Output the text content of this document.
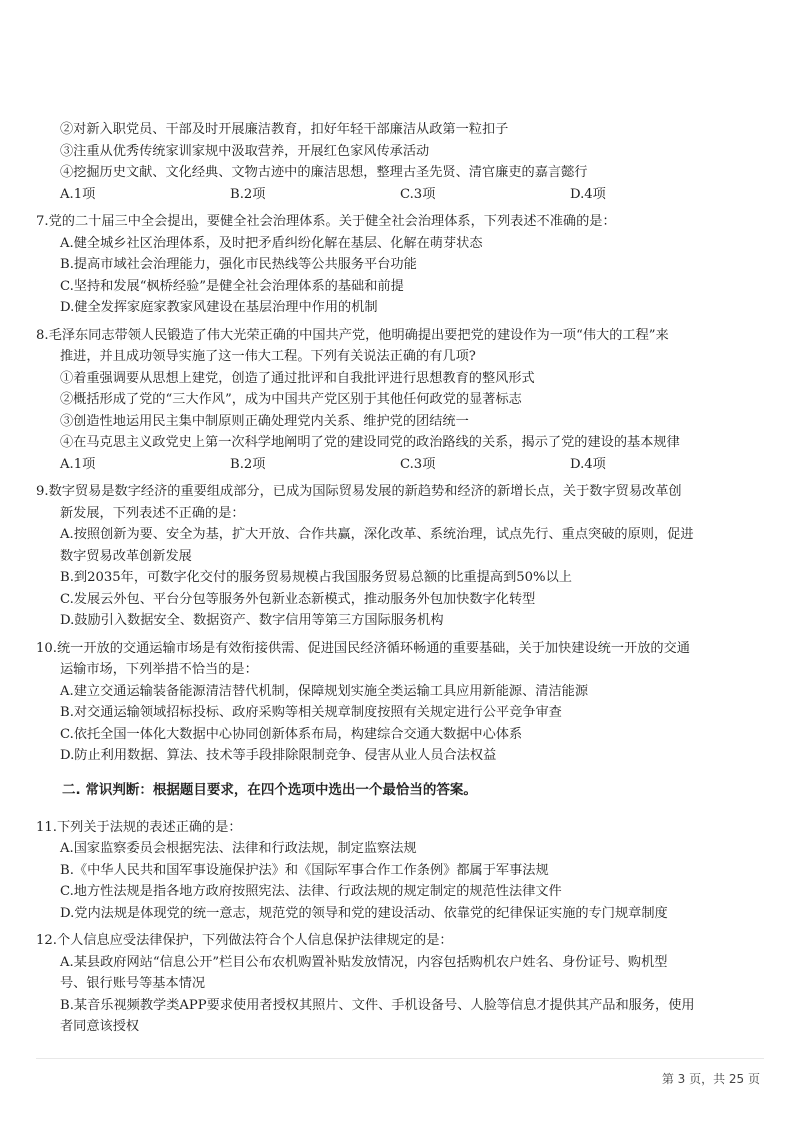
②对新入职党员、干部及时开展廉洁教育，扣好年轻干部廉洁从政第一粒扣子
③注重从优秀传统家训家规中汲取营养，开展红色家风传承活动
④挖掘历史文献、文化经典、文物古迹中的廉洁思想，整理古圣先贤、清官廉吏的嘉言懿行
A.1项	B.2项	C.3项	D.4项
7.党的二十届三中全会提出，要健全社会治理体系。关于健全社会治理体系，下列表述不准确的是：
A.健全城乡社区治理体系，及时把矛盾纠纷化解在基层、化解在萌芽状态
B.提高市域社会治理能力，强化市民热线等公共服务平台功能
C.坚持和发展“枫桥经验”是健全社会治理体系的基础和前提
D.健全发挥家庭家教家风建设在基层治理中作用的机制
8.毛泽东同志带领人民锻造了伟大光荣正确的中国共产党，他明确提出要把党的建设作为一项“伟大的工程”来
推进，并且成功领导实施了这一伟大工程。下列有关说法正确的有几项?
①着重强调要从思想上建党，创造了通过批评和自我批评进行思想教育的整风形式
②概括形成了党的“三大作风”，成为中国共产党区别于其他任何政党的显著标志
③创造性地运用民主集中制原则正确处理党内关系、维护党的团结统一
④在马克思主义政党史上第一次科学地阐明了党的建设同党的政治路线的关系，揭示了党的建设的基本规律
A.1项	B.2项	C.3项	D.4项
9.数字贸易是数字经济的重要组成部分，已成为国际贸易发展的新趋势和经济的新增长点，关于数字贸易改革创
新发展，下列表述不正确的是：
A.按照创新为要、安全为基，扩大开放、合作共赢，深化改革、系统治理，试点先行、重点突破的原则，促进
数字贸易改革创新发展
B.到2035年，可数字化交付的服务贸易规模占我国服务贸易总额的比重提高到50%以上
C.发展云外包、平台分包等服务外包新业态新模式，推动服务外包加快数字化转型
D.鼓励引入数据安全、数据资产、数字信用等第三方国际服务机构
10.统一开放的交通运输市场是有效衔接供需、促进国民经济循环畅通的重要基础，关于加快建设统一开放的交通
运输市场，下列举措不恰当的是：
A.建立交通运输装备能源清洁替代机制，保障规划实施全类运输工具应用新能源、清洁能源
B.对交通运输领域招标投标、政府采购等相关规章制度按照有关规定进行公平竞争审查
C.依托全国一体化大数据中心协同创新体系布局，构建综合交通大数据中心体系
D.防止利用数据、算法、技术等手段排除限制竞争、侵害从业人员合法权益
二. 常识判断：根据题目要求，在四个选项中选出一个最恰当的答案。
11.下列关于法规的表述正确的是：
A.国家监察委员会根据宪法、法律和行政法规，制定监察法规
B.《中华人民共和国军事设施保护法》和《国际军事合作工作条例》都属于军事法规
C.地方性法规是指各地方政府按照宪法、法律、行政法规的规定制定的规范性法律文件
D.党内法规是体现党的统一意志，规范党的领导和党的建设活动、依靠党的纪律保证实施的专门规章制度
12.个人信息应受法律保护，下列做法符合个人信息保护法律规定的是：
A.某县政府网站“信息公开”栏目公布农机购置补贴发放情况，内容包括购机农户姓名、身份证号、购机型
号、银行账号等基本情况
B.某音乐视频教学类APP要求使用者授权其照片、文件、手机设备号、人脸等信息才提供其产品和服务，使用
者同意该授权
第 3 页，共 25 页
